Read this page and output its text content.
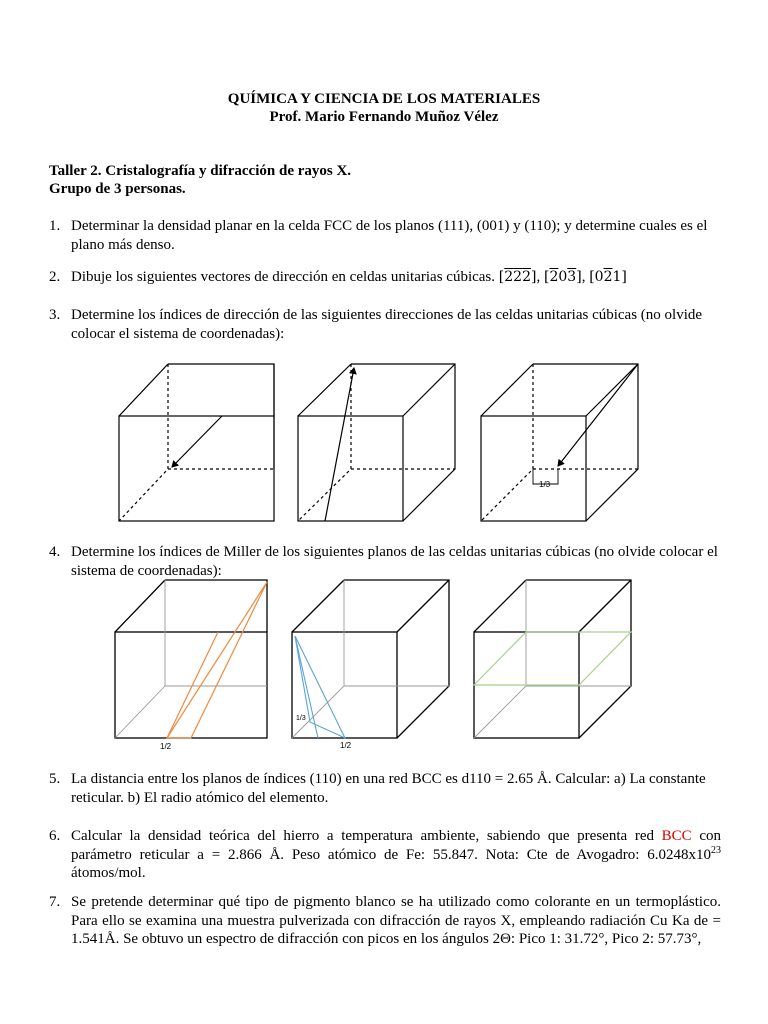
QUÍMICA Y CIENCIA DE LOS MATERIALES
Prof. Mario Fernando Muñoz Vélez
Taller 2. Cristalografía y difracción de rayos X.
Grupo de 3 personas.
1. Determinar la densidad planar en la celda FCC de los planos (111), (001) y (110); y determine cuales es el plano más denso.
2. Dibuje los siguientes vectores de dirección en celdas unitarias cúbicas. [222], [203], [021]
3. Determine los índices de dirección de las siguientes direcciones de las celdas unitarias cúbicas (no olvide colocar el sistema de coordenadas):
4. Determine los índices de Miller de los siguientes planos de las celdas unitarias cúbicas (no olvide colocar el sistema de coordenadas):
5. La distancia entre los planos de índices (110) en una red BCC es d110 = 2.65 Å. Calcular: a) La constante reticular. b) El radio atómico del elemento.
6. Calcular la densidad teórica del hierro a temperatura ambiente, sabiendo que presenta red BCC con parámetro reticular a = 2.866 Å. Peso atómico de Fe: 55.847. Nota: Cte de Avogadro: $6.0248x10^{23}$ átomos/mol.
7. Se pretende determinar qué tipo de pigmento blanco se ha utilizado como colorante en un termoplástico. Para ello se examina una muestra pulverizada con difracción de rayos X, empleando radiación Cu Ka de = 1.541Å. Se obtuvo un espectro de difracción con picos en los ángulos 2Θ: Pico 1: 31.72°, Pico 2: 57.73°,
1/3
1/2
1/3
1/2
